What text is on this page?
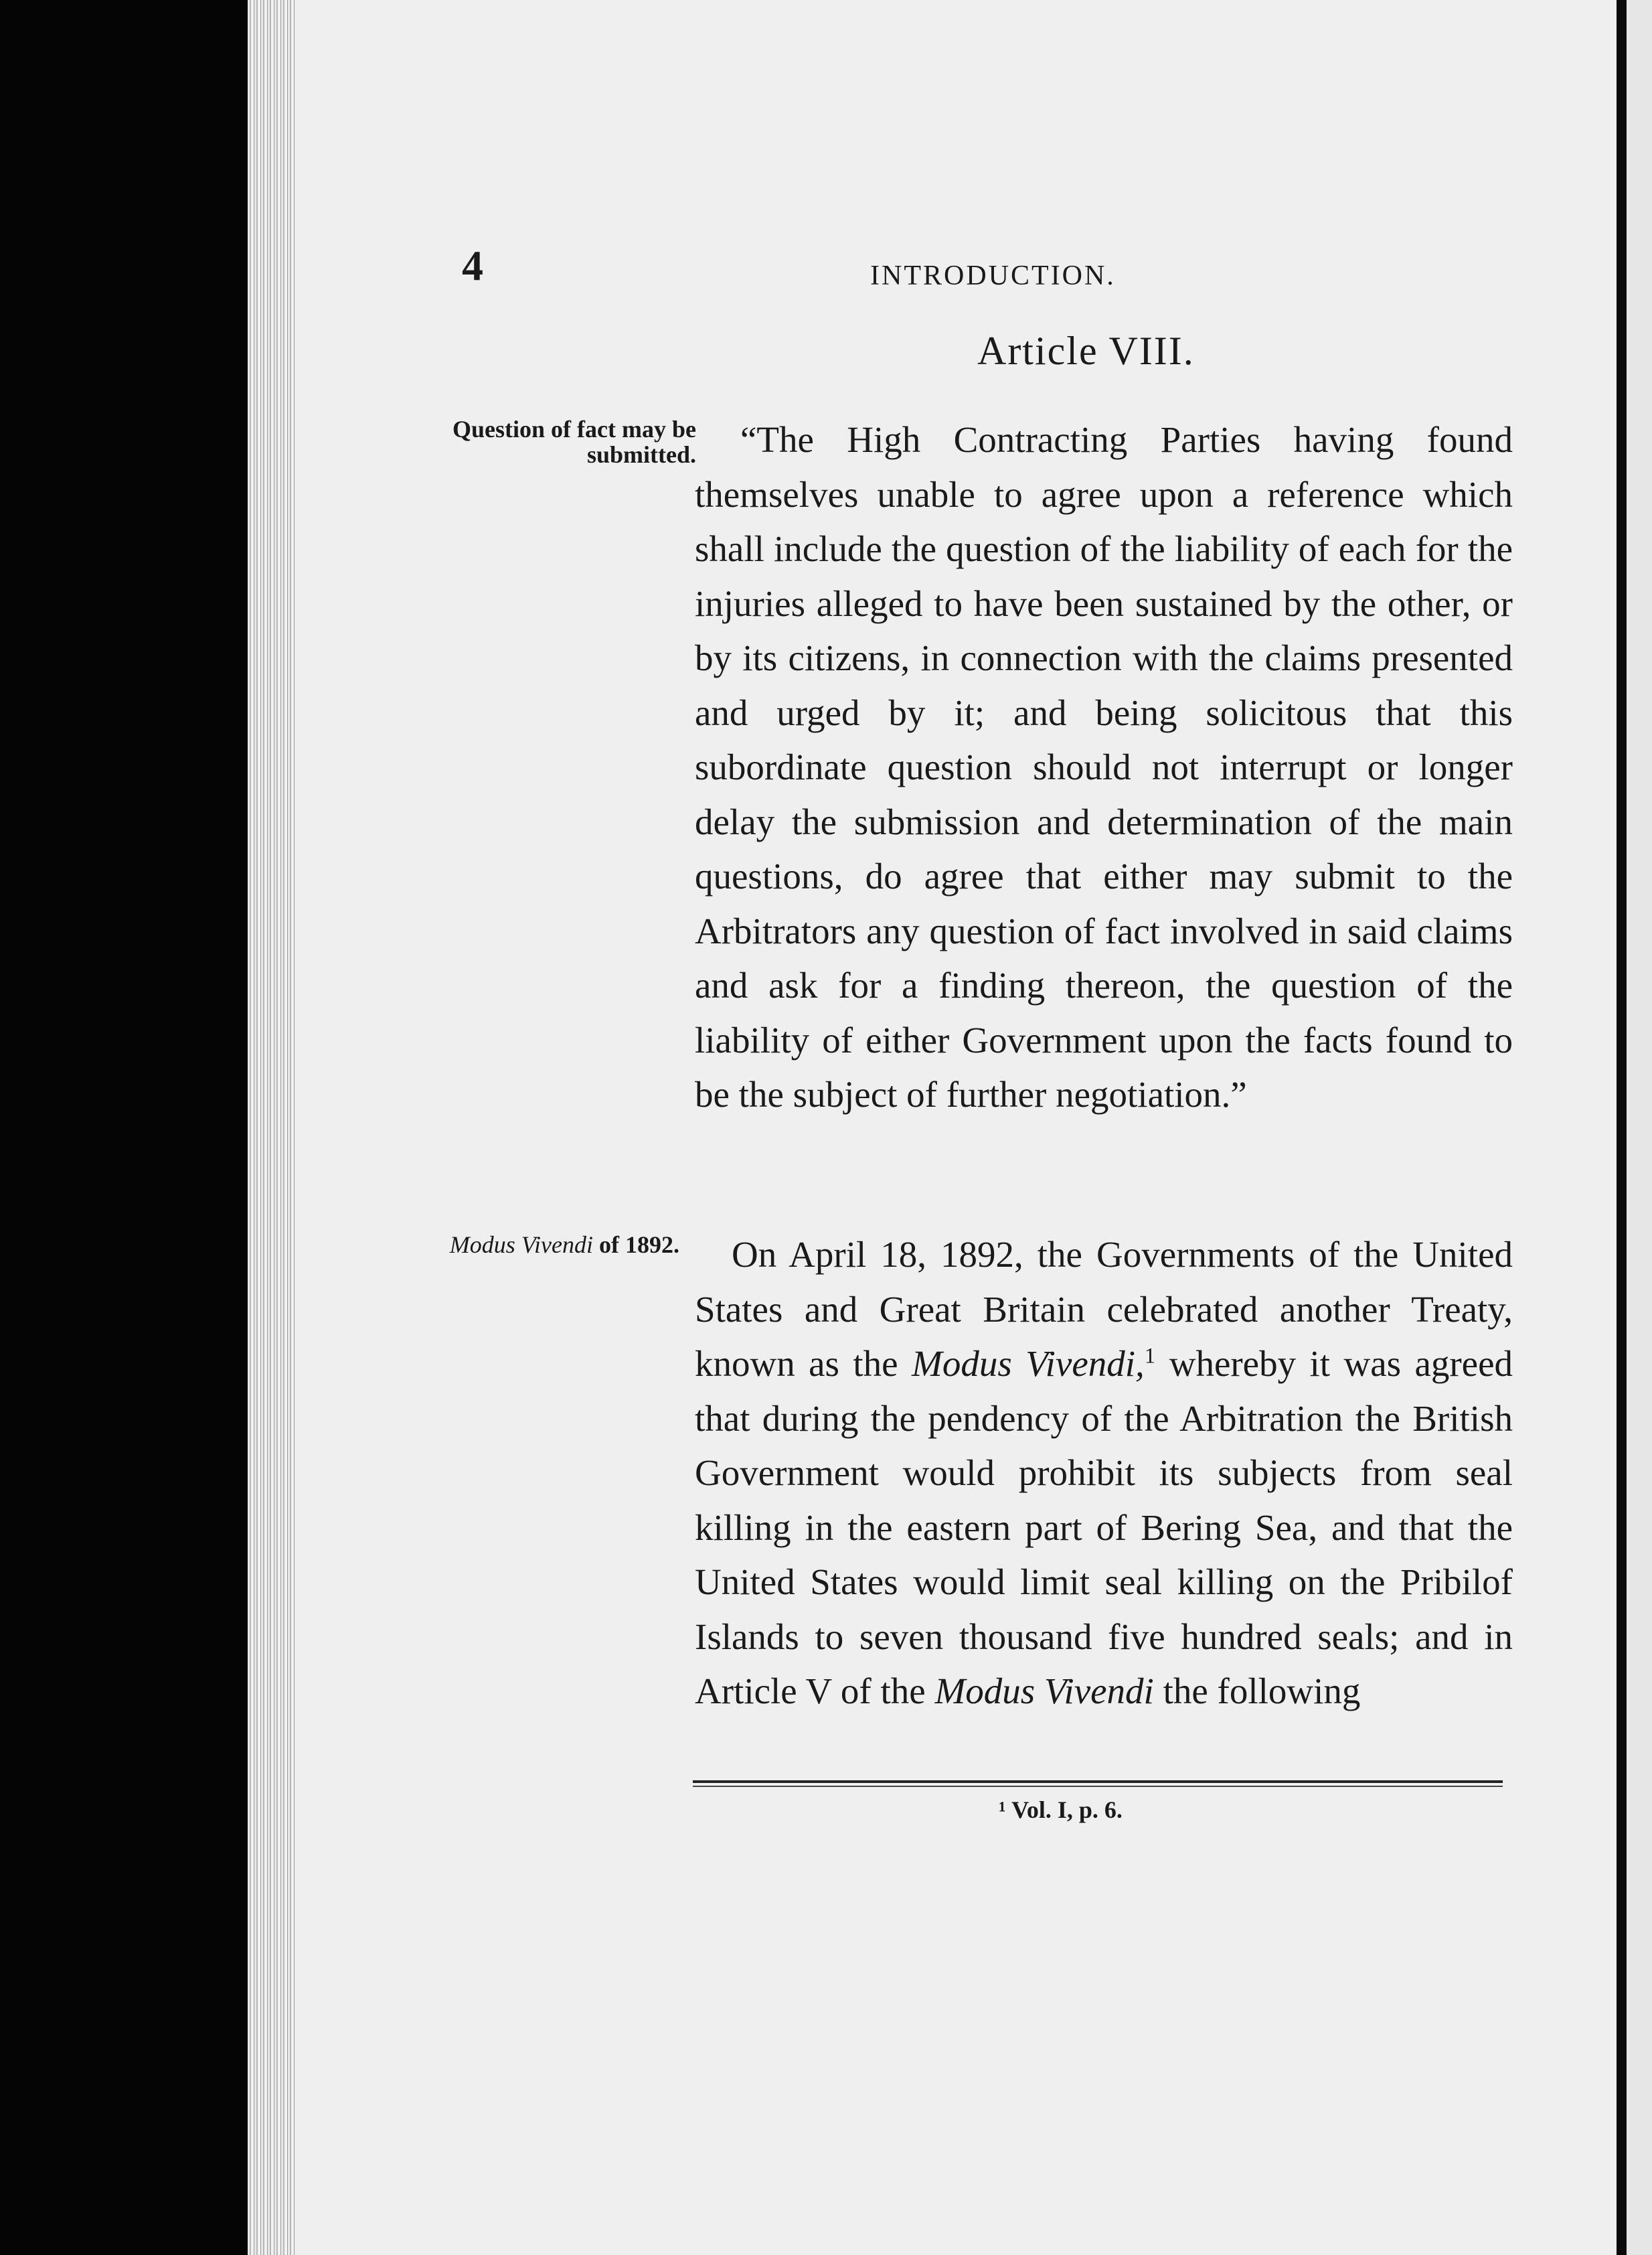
4	INTRODUCTION.
Article VIII.
Question of fact may be submitted.
Modus Vivendi of 1892.

“The High Contracting Parties having found themselves unable to agree upon a reference which shall include the question of the liability of each for the injuries alleged to have been sustained by the other, or by its citizens, in connection with the claims presented and urged by it; and being solicitous that this subordinate question should not interrupt or longer delay the submission and determination of the main questions, do agree that either may submit to the Arbitrators any question of fact involved in said claims and ask for a finding thereon, the question of the liability of either Government upon the facts found to be the subject of further negotiation.”

On April 18, 1892, the Governments of the United States and Great Britain celebrated another Treaty, known as the Modus Vivendi,$^1$ whereby it was agreed that during the pendency of the Arbitration the British Government would prohibit its subjects from seal killing in the eastern part of Bering Sea, and that the United States would limit seal killing on the Pribilof Islands to seven thousand five hundred seals; and in Article V of the Modus Vivendi the following

¹ Vol. I, p. 6.
